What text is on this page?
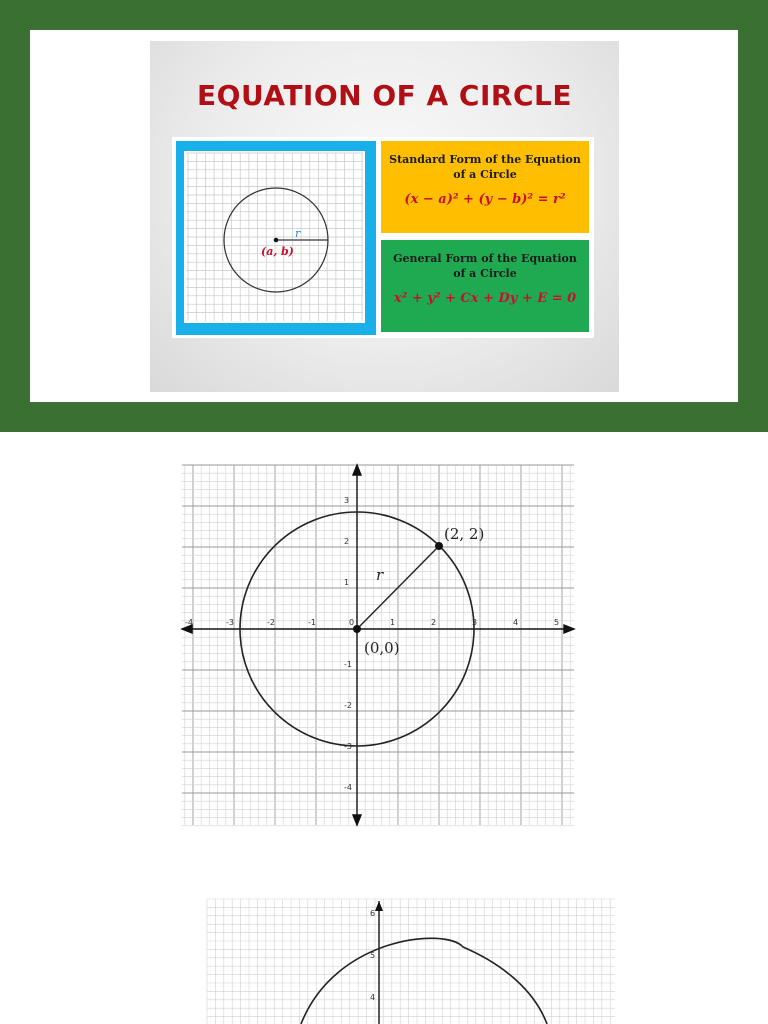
EQUATION OF A CIRCLE
r
(a, b)
Standard Form of the Equation of a Circle
(x − a)² + (y − b)² = r²
General Form of the Equation of a Circle
x² + y² + Cx + Dy + E = 0
-4	-3	-2	-1	0	1	2	3	4	5
3
2
1
-1
-2
-3
-4
(2, 2)
(0,0)
r
6
5
4
